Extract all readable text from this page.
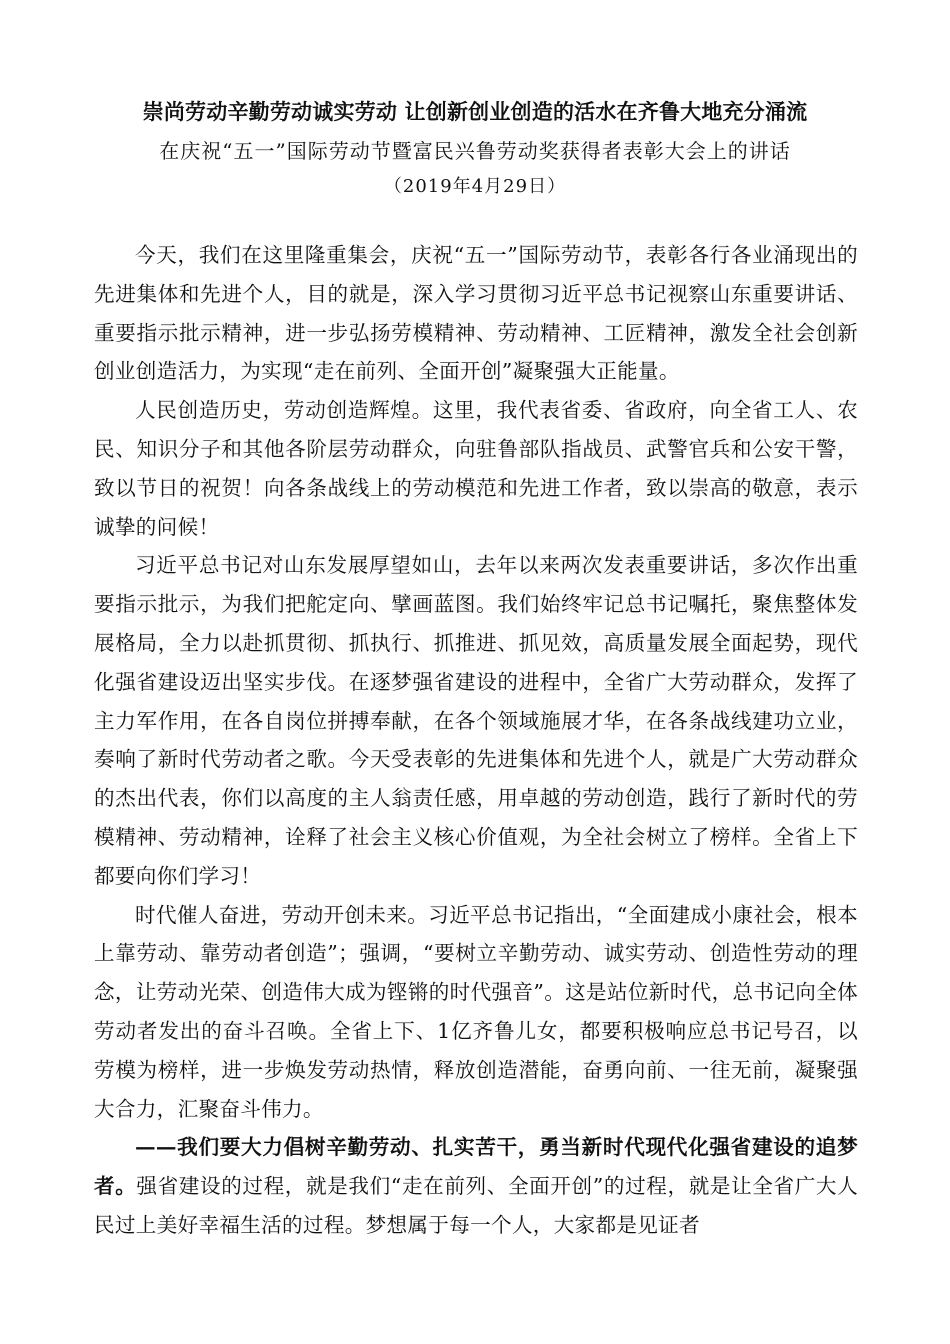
崇尚劳动辛勤劳动诚实劳动 让创新创业创造的活水在齐鲁大地充分涌流
在庆祝“五一”国际劳动节暨富民兴鲁劳动奖获得者表彰大会上的讲话
（2019年4月29日）

今天，我们在这里隆重集会，庆祝“五一”国际劳动节，表彰各行各业涌现出的先进集体和先进个人，目的就是，深入学习贯彻习近平总书记视察山东重要讲话、重要指示批示精神，进一步弘扬劳模精神、劳动精神、工匠精神，激发全社会创新创业创造活力，为实现“走在前列、全面开创”凝聚强大正能量。

人民创造历史，劳动创造辉煌。这里，我代表省委、省政府，向全省工人、农民、知识分子和其他各阶层劳动群众，向驻鲁部队指战员、武警官兵和公安干警，致以节日的祝贺！向各条战线上的劳动模范和先进工作者，致以崇高的敬意，表示诚挚的问候！

习近平总书记对山东发展厚望如山，去年以来两次发表重要讲话，多次作出重要指示批示，为我们把舵定向、擘画蓝图。我们始终牢记总书记嘱托，聚焦整体发展格局，全力以赴抓贯彻、抓执行、抓推进、抓见效，高质量发展全面起势，现代化强省建设迈出坚实步伐。在逐梦强省建设的进程中，全省广大劳动群众，发挥了主力军作用，在各自岗位拼搏奉献，在各个领域施展才华，在各条战线建功立业，奏响了新时代劳动者之歌。今天受表彰的先进集体和先进个人，就是广大劳动群众的杰出代表，你们以高度的主人翁责任感，用卓越的劳动创造，践行了新时代的劳模精神、劳动精神，诠释了社会主义核心价值观，为全社会树立了榜样。全省上下都要向你们学习！

时代催人奋进，劳动开创未来。习近平总书记指出，“全面建成小康社会，根本上靠劳动、靠劳动者创造”；强调，“要树立辛勤劳动、诚实劳动、创造性劳动的理念，让劳动光荣、创造伟大成为铿锵的时代强音”。这是站位新时代，总书记向全体劳动者发出的奋斗召唤。全省上下、1亿齐鲁儿女，都要积极响应总书记号召，以劳模为榜样，进一步焕发劳动热情，释放创造潜能，奋勇向前、一往无前，凝聚强大合力，汇聚奋斗伟力。

——我们要大力倡树辛勤劳动、扎实苦干，勇当新时代现代化强省建设的追梦者。强省建设的过程，就是我们“走在前列、全面开创”的过程，就是让全省广大人民过上美好幸福生活的过程。梦想属于每一个人，大家都是见证者
